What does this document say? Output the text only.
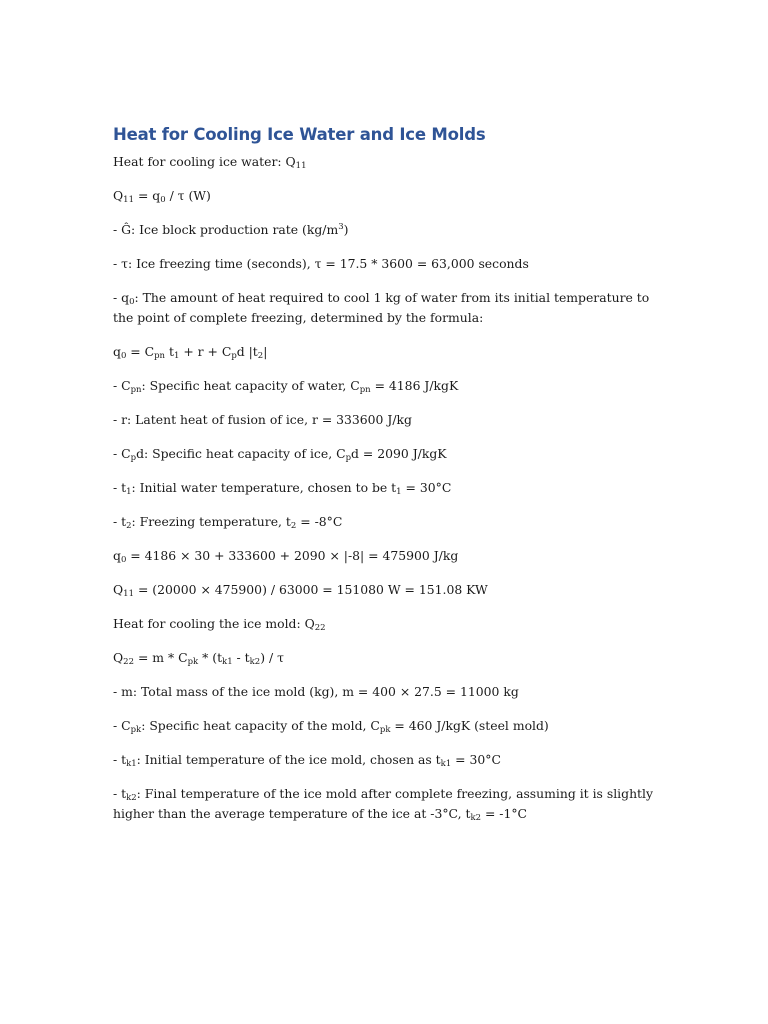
Heat for Cooling Ice Water and Ice Molds

Heat for cooling ice water: $Q_{11}$

$Q_{11} = q_0 / \tau$ (W)

- Ĝ: Ice block production rate $(kg/m^3)$

- τ: Ice freezing time (seconds), τ = 17.5 * 3600 = 63,000 seconds

- $q_0$: The amount of heat required to cool 1 kg of water from its initial temperature to the point of complete freezing, determined by the formula:

$q_0 = C_{pn}$ $t_1 + r + C_pd$ $|t_2|$

- $C_{pn}$: Specific heat capacity of water, $C_{pn} = 4186$ J/kgK

- r: Latent heat of fusion of ice, r = 333600 J/kg

- $C_pd$: Specific heat capacity of ice, $C_pd = 2090$ J/kgK

- $t_1$: Initial water temperature, chosen to be $t_1 = 30^\circ C$

- $t_2$: Freezing temperature, $t_2 = -8^\circ C$

$q_0 = 4186 \times 30 + 333600 + 2090 \times |-8| = 475900$ J/kg

$Q_{11} = (20000 \times 475900) / 63000 = 151080$ W = 151.08 KW

Heat for cooling the ice mold: $Q_{22}$

$Q_{22} = m * C_{pk} * (t_{k1} - t_{k2}) / \tau$

- m: Total mass of the ice mold (kg), m = 400 × 27.5 = 11000 kg

- $C_{pk}$: Specific heat capacity of the mold, $C_{pk} = 460$ J/kgK (steel mold)

- $t_{k1}$: Initial temperature of the ice mold, chosen as $t_{k1} = 30^\circ C$

- $t_{k2}$: Final temperature of the ice mold after complete freezing, assuming it is slightly higher than the average temperature of the ice at -3°C, $t_{k2} = -1^\circ C$
